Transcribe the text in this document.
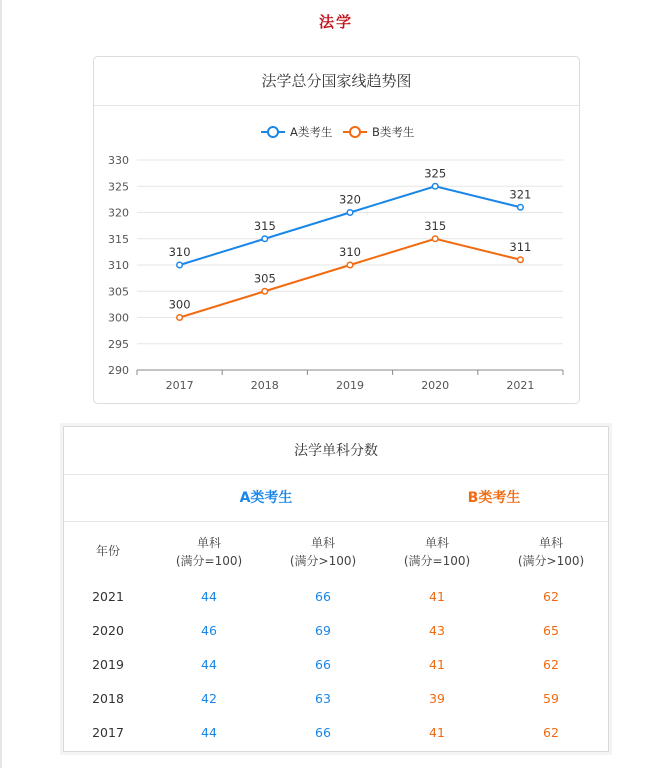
法学
法学总分国家线趋势图
290
295
300
305
310
315
320
325
330
2017	2018	2019	2020	2021
A类考生	B类考生
310
315
320
325
321
300
305
310
315
311
法学单科分数
A类考生	B类考生
年份
单科
(满分=100)
单科
(满分>100)
单科
(满分=100)
单科
(满分>100)
2021	44	66	41	62
2020	46	69	43	65
2019	44	66	41	62
2018	42	63	39	59
2017	44	66	41	62
